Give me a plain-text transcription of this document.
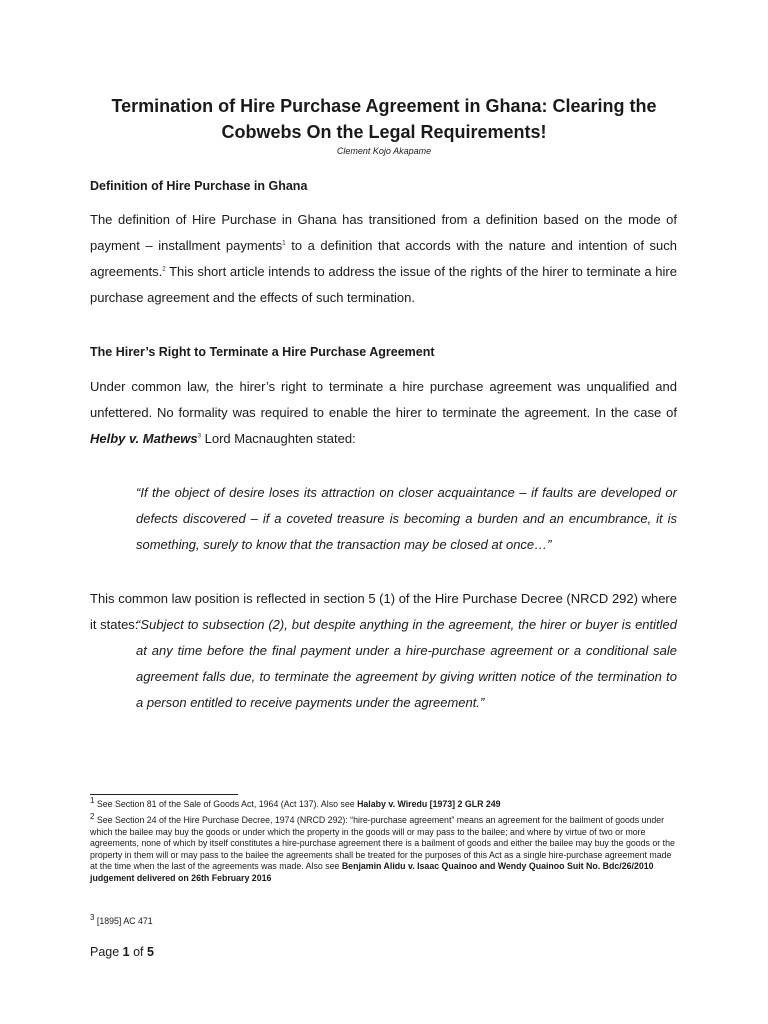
Termination of Hire Purchase Agreement in Ghana: Clearing the Cobwebs On the Legal Requirements!
Clement Kojo Akapame
Definition of Hire Purchase in Ghana
The definition of Hire Purchase in Ghana has transitioned from a definition based on the mode of payment – installment payments$^1$ to a definition that accords with the nature and intention of such agreements.$^2$ This short article intends to address the issue of the rights of the hirer to terminate a hire purchase agreement and the effects of such termination.
The Hirer’s Right to Terminate a Hire Purchase Agreement
Under common law, the hirer’s right to terminate a hire purchase agreement was unqualified and unfettered. No formality was required to enable the hirer to terminate the agreement. In the case of Helby v. Mathews$^3$ Lord Macnaughten stated:
“If the object of desire loses its attraction on closer acquaintance – if faults are developed or defects discovered – if a coveted treasure is becoming a burden and an encumbrance, it is something, surely to know that the transaction may be closed at once…”
This common law position is reflected in section 5 (1) of the Hire Purchase Decree (NRCD 292) where it states:
“Subject to subsection (2), but despite anything in the agreement, the hirer or buyer is entitled at any time before the final payment under a hire-purchase agreement or a conditional sale agreement falls due, to terminate the agreement by giving written notice of the termination to a person entitled to receive payments under the agreement.”
1 See Section 81 of the Sale of Goods Act, 1964 (Act 137). Also see Halaby v. Wiredu [1973] 2 GLR 249
2 See Section 24 of the Hire Purchase Decree, 1974 (NRCD 292): “hire-purchase agreement” means an agreement for the bailment of goods under which the bailee may buy the goods or under which the property in the goods will or may pass to the bailee; and where by virtue of two or more agreements, none of which by itself constitutes a hire-purchase agreement there is a bailment of goods and either the bailee may buy the goods or the property in them will or may pass to the bailee the agreements shall be treated for the purposes of this Act as a single hire-purchase agreement made at the time when the last of the agreements was made. Also see Benjamin Alidu v. Isaac Quainoo and Wendy Quainoo Suit No. Bdc/26/2010 judgement delivered on 26th February 2016
3 [1895] AC 471
Page 1 of 5
